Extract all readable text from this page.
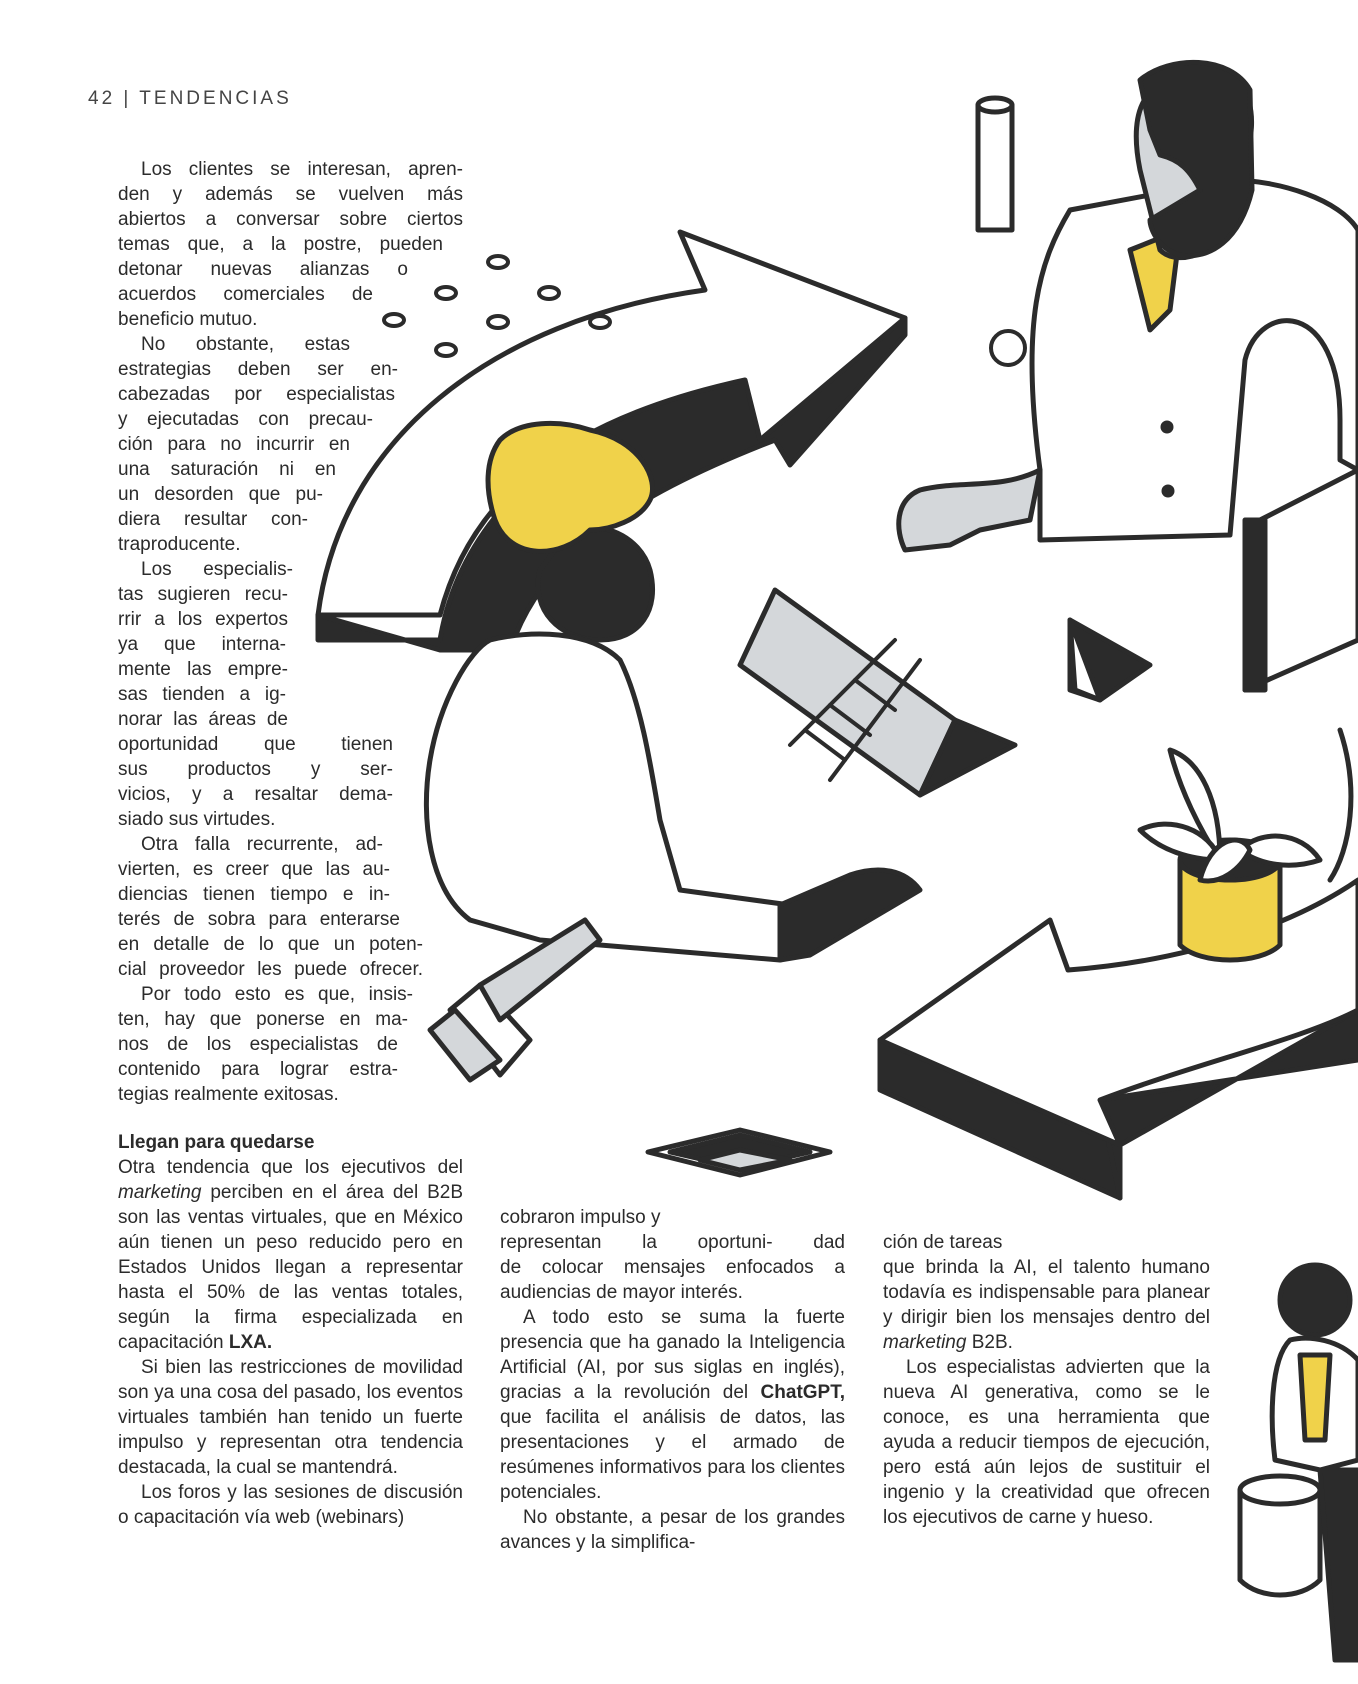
42 | TENDENCIAS
Los clientes se interesan, apren-
den y además se vuelven más
abiertos a conversar sobre ciertos
temas que, a la postre, pueden
detonar nuevas alianzas o
acuerdos comerciales de
beneficio mutuo.
No obstante, estas
estrategias deben ser en-
cabezadas por especialistas
y ejecutadas con precau-
ción para no incurrir en
una saturación ni en
un desorden que pu-
diera resultar con-
traproducente.
Los especialis-
tas sugieren recu-
rrir a los expertos
ya que interna-
mente las empre-
sas tienden a ig-
norar las áreas de
oportunidad que tienen
sus productos y ser-
vicios, y a resaltar dema-
siado sus virtudes.
Otra falla recurrente, ad-
vierten, es creer que las au-
diencias tienen tiempo e in-
terés de sobra para enterarse
en detalle de lo que un poten-
cial proveedor les puede ofrecer.
Por todo esto es que, insis-
ten, hay que ponerse en ma-
nos de los especialistas de
contenido para lograr estra-
tegias realmente exitosas.
Llegan para quedarse

Otra tendencia que los ejecutivos del marketing perciben en el área del B2B son las ventas virtuales, que en México aún tienen un peso reducido pero en Estados Unidos llegan a representar hasta el 50% de las ventas totales, según la firma especializada en capacitación LXA.

Si bien las restricciones de movilidad son ya una cosa del pasado, los eventos virtuales también han tenido un fuerte impulso y representan otra tendencia destacada, la cual se mantendrá.

Los foros y las sesiones de discusión o capacitación vía web (webinars)

cobraron impulso y
representan la oportuni- dad

de colocar mensajes enfocados a audiencias de mayor interés.

A todo esto se suma la fuerte presencia que ha ganado la Inteligencia Artificial (AI, por sus siglas en inglés), gracias a la revolución del ChatGPT, que facilita el análisis de datos, las presentaciones y el armado de resúmenes informativos para los clientes potenciales.

No obstante, a pesar de los grandes avances y la simplifica-

ción de tareas

que brinda la AI, el talento humano todavía es indispensable para planear y dirigir bien los mensajes dentro del marketing B2B.

Los especialistas advierten que la nueva AI generativa, como se le conoce, es una herramienta que ayuda a reducir tiempos de ejecución, pero está aún lejos de sustituir el ingenio y la creatividad que ofrecen los ejecutivos de carne y hueso.
